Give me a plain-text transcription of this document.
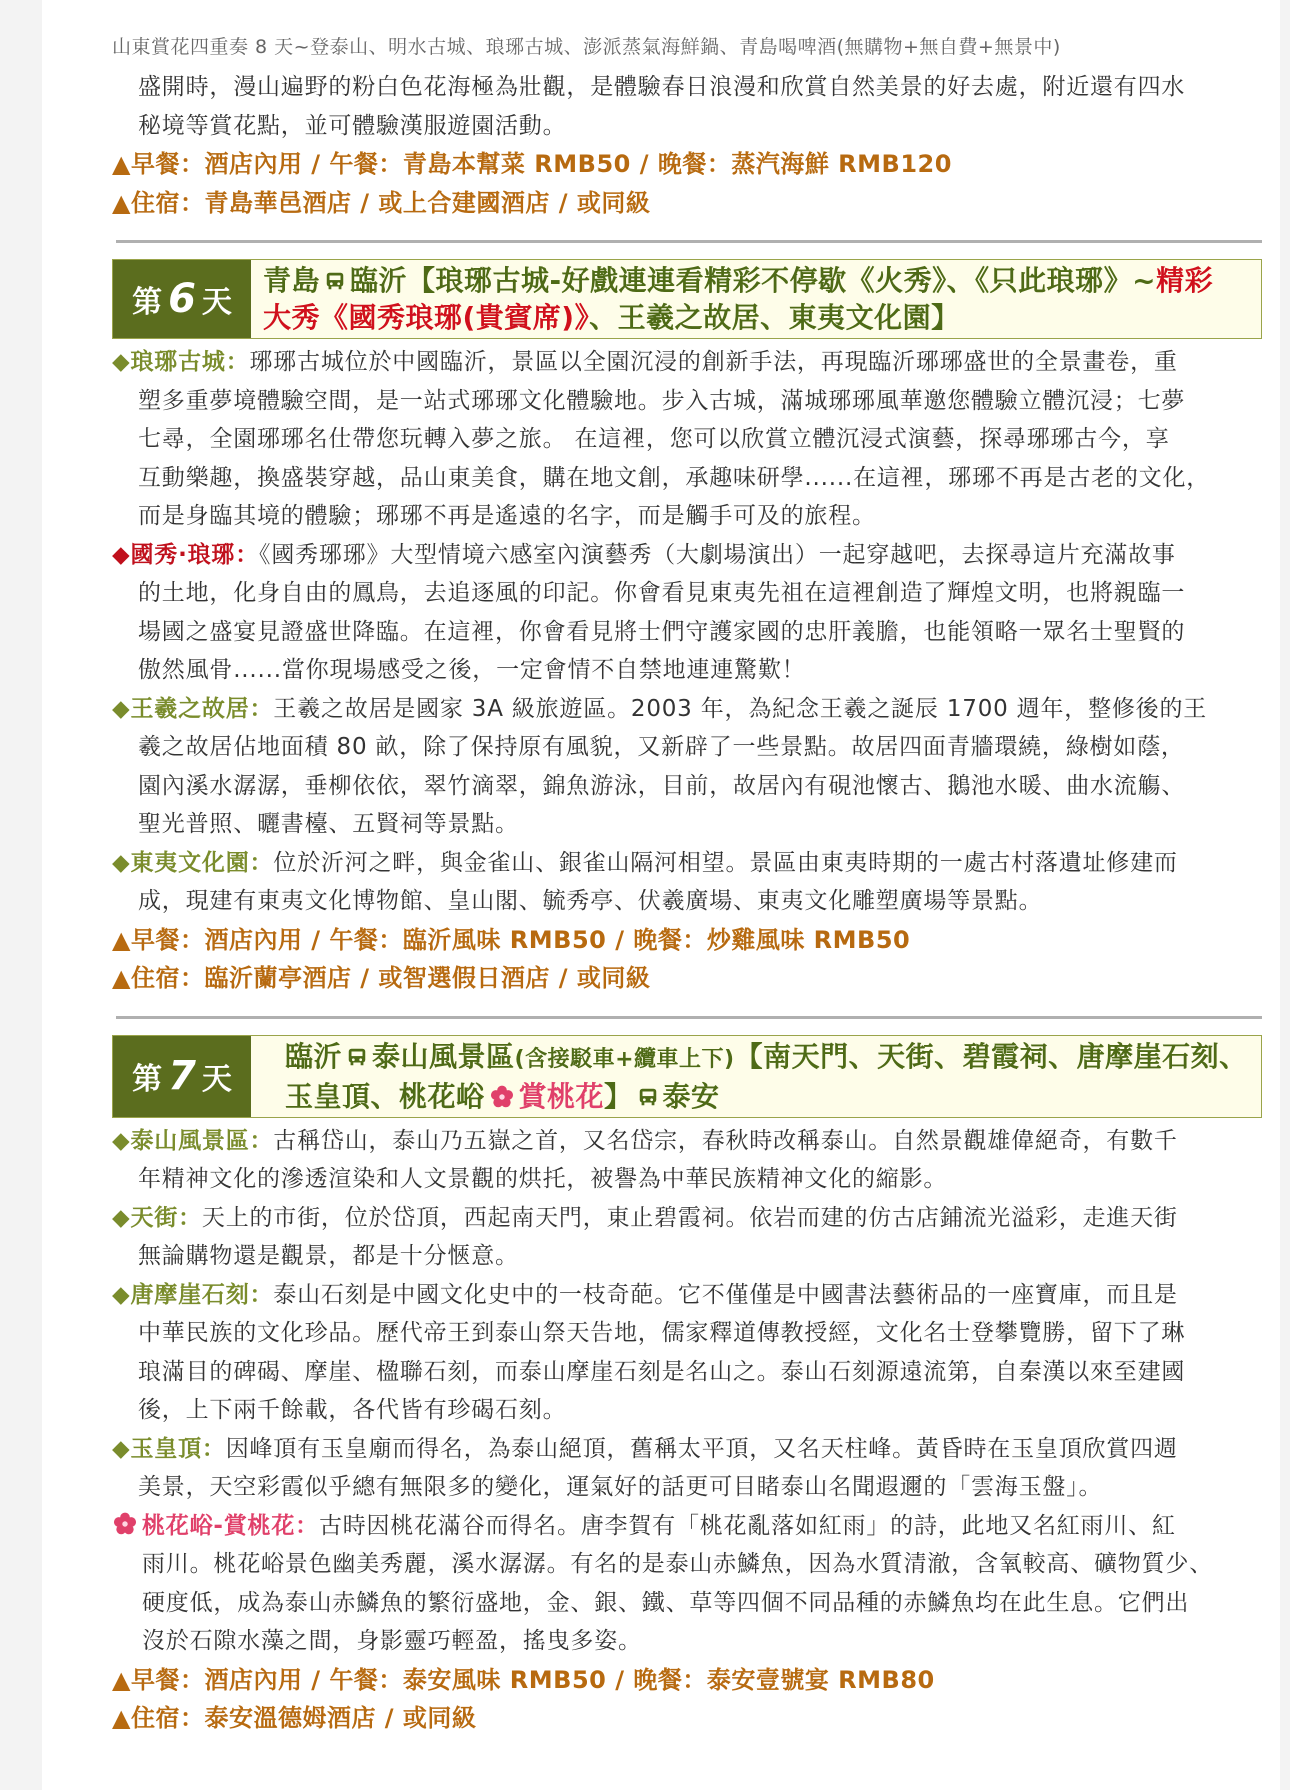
山東賞花四重奏 8 天~登泰山、明水古城、琅琊古城、澎派蒸氣海鮮鍋、青島喝啤酒(無購物+無自費+無景中)

盛開時，漫山遍野的粉白色花海極為壯觀，是體驗春日浪漫和欣賞自然美景的好去處，附近還有四水

秘境等賞花點，並可體驗漢服遊園活動。

▲早餐：酒店內用 / 午餐：青島本幫菜 RMB50 / 晚餐：蒸汽海鮮 RMB120

▲住宿：青島華邑酒店 / 或上合建國酒店 / 或同級

第 6 天
青島 臨沂【琅琊古城-好戲連連看精彩不停歇《火秀》、《只此琅琊》~精彩
大秀《國秀琅琊(貴賓席)》、王羲之故居、東夷文化園】

◆琅琊古城：琊琊古城位於中國臨沂，景區以全園沉浸的創新手法，再現臨沂琊琊盛世的全景畫卷，重

塑多重夢境體驗空間，是一站式琊琊文化體驗地。步入古城，滿城琊琊風華邀您體驗立體沉浸；七夢

七尋，全園琊琊名仕帶您玩轉入夢之旅。 在這裡，您可以欣賞立體沉浸式演藝，探尋琊琊古今，享

互動樂趣，換盛裝穿越，品山東美食，購在地文創，承趣味研學......在這裡，琊琊不再是古老的文化，

而是身臨其境的體驗；琊琊不再是遙遠的名字，而是觸手可及的旅程。

◆國秀·琅琊：《國秀琊琊》大型情境六感室內演藝秀（大劇場演出）一起穿越吧，去探尋這片充滿故事

的土地，化身自由的鳳鳥，去追逐風的印記。你會看見東夷先祖在這裡創造了輝煌文明，也將親臨一

場國之盛宴見證盛世降臨。在這裡，你會看見將士們守護家國的忠肝義膽，也能領略一眾名士聖賢的

傲然風骨......當你現場感受之後，一定會情不自禁地連連驚歎！

◆王羲之故居：王羲之故居是國家 3A 級旅遊區。2003 年，為紀念王羲之誕辰 1700 週年，整修後的王

羲之故居佔地面積 80 畝，除了保持原有風貌，又新辟了一些景點。故居四面青牆環繞，綠樹如蔭，

園內溪水潺潺，垂柳依依，翠竹滴翠，錦魚游泳，目前，故居內有硯池懷古、鵝池水暖、曲水流觴、

聖光普照、曬書檯、五賢祠等景點。

◆東夷文化園：位於沂河之畔，與金雀山、銀雀山隔河相望。景區由東夷時期的一處古村落遺址修建而

成，現建有東夷文化博物館、皇山閣、毓秀亭、伏羲廣場、東夷文化雕塑廣場等景點。

▲早餐：酒店內用 / 午餐：臨沂風味 RMB50 / 晚餐：炒雞風味 RMB50

▲住宿：臨沂蘭亭酒店 / 或智選假日酒店 / 或同級

第 7 天
臨沂 泰山風景區(含接駁車+纜車上下)【南天門、天街、碧霞祠、唐摩崖石刻、
玉皇頂、桃花峪 賞桃花】 泰安

◆泰山風景區：古稱岱山，泰山乃五嶽之首，又名岱宗，春秋時改稱泰山。自然景觀雄偉絕奇，有數千

年精神文化的滲透渲染和人文景觀的烘托，被譽為中華民族精神文化的縮影。

◆天街：天上的市街，位於岱頂，西起南天門，東止碧霞祠。依岩而建的仿古店鋪流光溢彩，走進天街

無論購物還是觀景，都是十分愜意。

◆唐摩崖石刻：泰山石刻是中國文化史中的一枝奇葩。它不僅僅是中國書法藝術品的一座寶庫，而且是

中華民族的文化珍品。歷代帝王到泰山祭天告地，儒家釋道傳教授經，文化名士登攀覽勝，留下了琳

琅滿目的碑碣、摩崖、楹聯石刻，而泰山摩崖石刻是名山之。泰山石刻源遠流第，自秦漢以來至建國

後，上下兩千餘載，各代皆有珍碣石刻。

◆玉皇頂：因峰頂有玉皇廟而得名，為泰山絕頂，舊稱太平頂，又名天柱峰。黃昏時在玉皇頂欣賞四週

美景，天空彩霞似乎總有無限多的變化，運氣好的話更可目睹泰山名聞遐邇的「雲海玉盤」。

桃花峪-賞桃花：古時因桃花滿谷而得名。唐李賀有「桃花亂落如紅雨」的詩，此地又名紅雨川、紅

雨川。桃花峪景色幽美秀麗，溪水潺潺。有名的是泰山赤鱗魚，因為水質清澈，含氧較高、礦物質少、

硬度低，成為泰山赤鱗魚的繁衍盛地，金、銀、鐵、草等四個不同品種的赤鱗魚均在此生息。它們出

沒於石隙水藻之間，身影靈巧輕盈，搖曳多姿。

▲早餐：酒店內用 / 午餐：泰安風味 RMB50 / 晚餐：泰安壹號宴 RMB80

▲住宿：泰安溫德姆酒店 / 或同級
